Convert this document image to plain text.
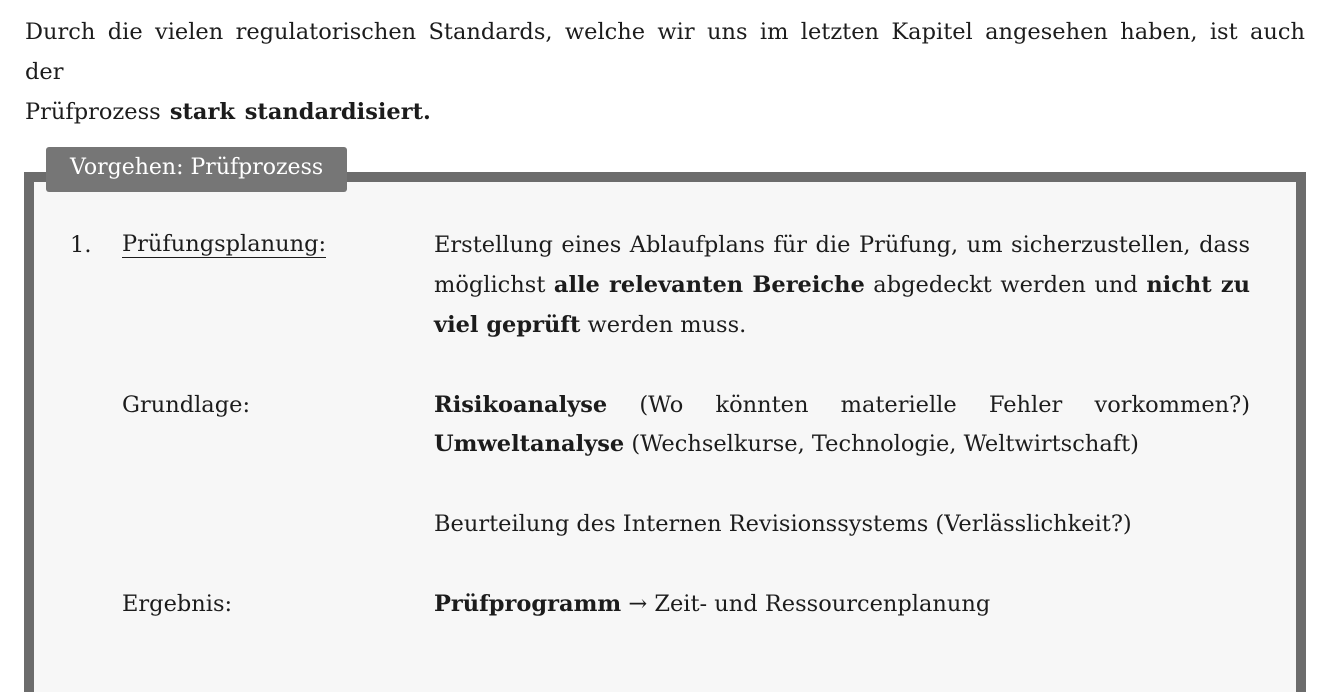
Durch die vielen regulatorischen Standards, welche wir uns im letzten Kapitel angesehen haben, ist auch der
Prüfprozess stark standardisiert.
Vorgehen: Prüfprozess
1. Prüfungsplanung:	Erstellung eines Ablaufplans für die Prüfung, um sicherzustellen, dass möglichst alle relevanten Bereiche abgedeckt werden und nicht zu viel geprüft werden muss.
Grundlage:	Risikoanalyse (Wo könnten materielle Fehler vorkommen?)
Umweltanalyse (Wechselkurse, Technologie, Weltwirtschaft)
Beurteilung des Internen Revisionssystems (Verlässlichkeit?)
Ergebnis:	Prüfprogramm → Zeit- und Ressourcenplanung
